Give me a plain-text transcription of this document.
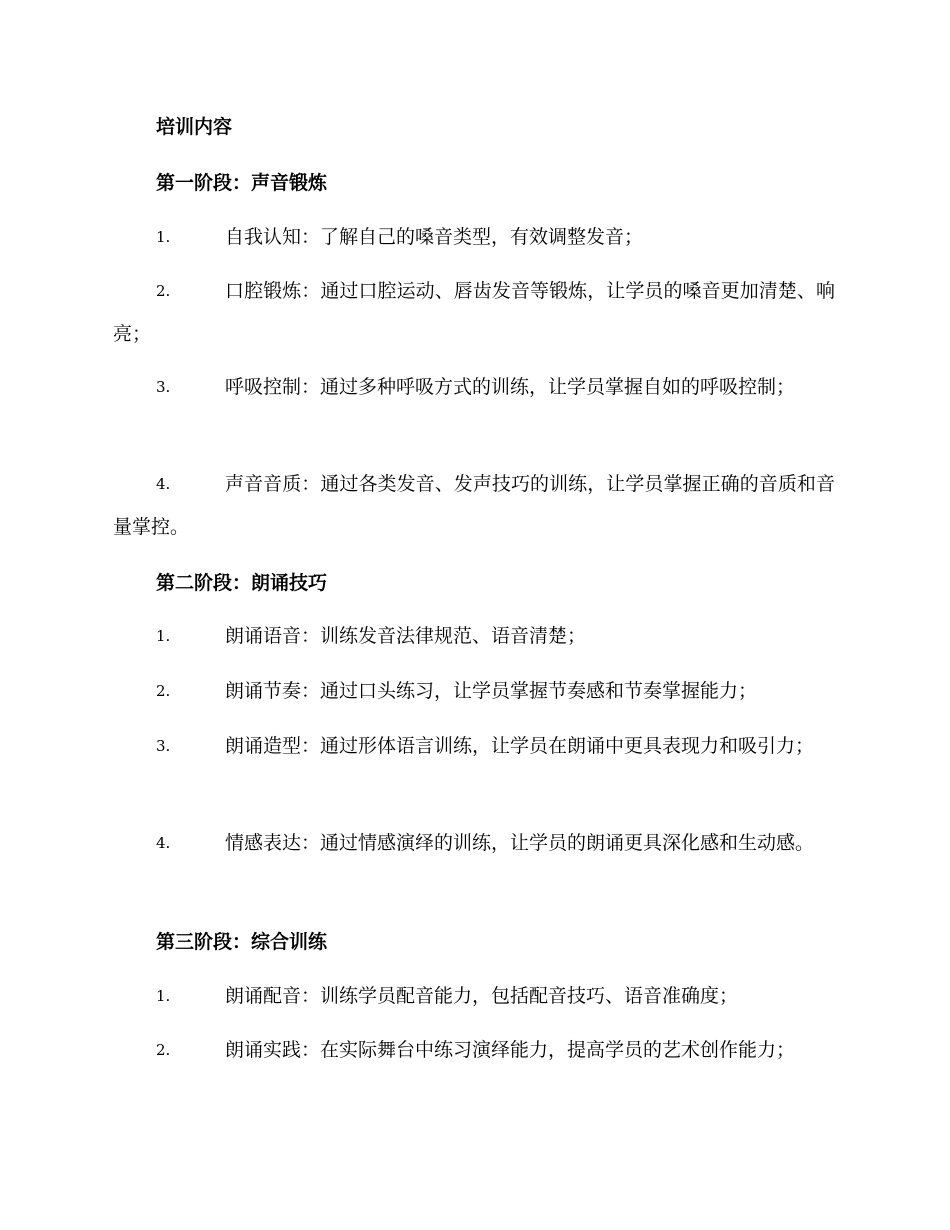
培训内容
第一阶段：声音锻炼
1.	自我认知：了解自己的嗓音类型，有效调整发音；
2.	口腔锻炼：通过口腔运动、唇齿发音等锻炼，让学员的嗓音更加清楚、响亮；
3.	呼吸控制：通过多种呼吸方式的训练，让学员掌握自如的呼吸控制；
4.	声音音质：通过各类发音、发声技巧的训练，让学员掌握正确的音质和音量掌控。
第二阶段：朗诵技巧
1.	朗诵语音：训练发音法律规范、语音清楚；
2.	朗诵节奏：通过口头练习，让学员掌握节奏感和节奏掌握能力；
3.	朗诵造型：通过形体语言训练，让学员在朗诵中更具表现力和吸引力；
4.	情感表达：通过情感演绎的训练，让学员的朗诵更具深化感和生动感。
第三阶段：综合训练
1.	朗诵配音：训练学员配音能力，包括配音技巧、语音准确度；
2.	朗诵实践：在实际舞台中练习演绎能力，提高学员的艺术创作能力；
